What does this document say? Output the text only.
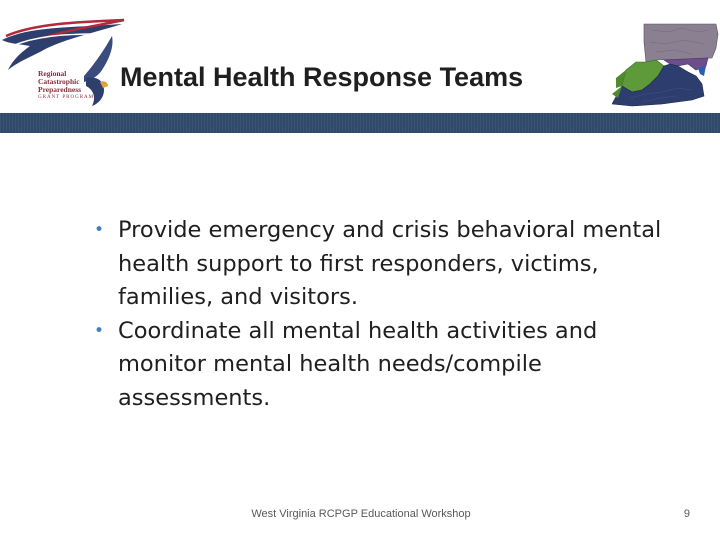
Regional
Catastrophic
Preparedness
GRANT PROGRAM
Mental Health Response Teams
• Provide emergency and crisis behavioral mental health support to first responders, victims, families, and visitors.
• Coordinate all mental health activities and monitor mental health needs/compile assessments.
West Virginia RCPGP Educational Workshop	9
